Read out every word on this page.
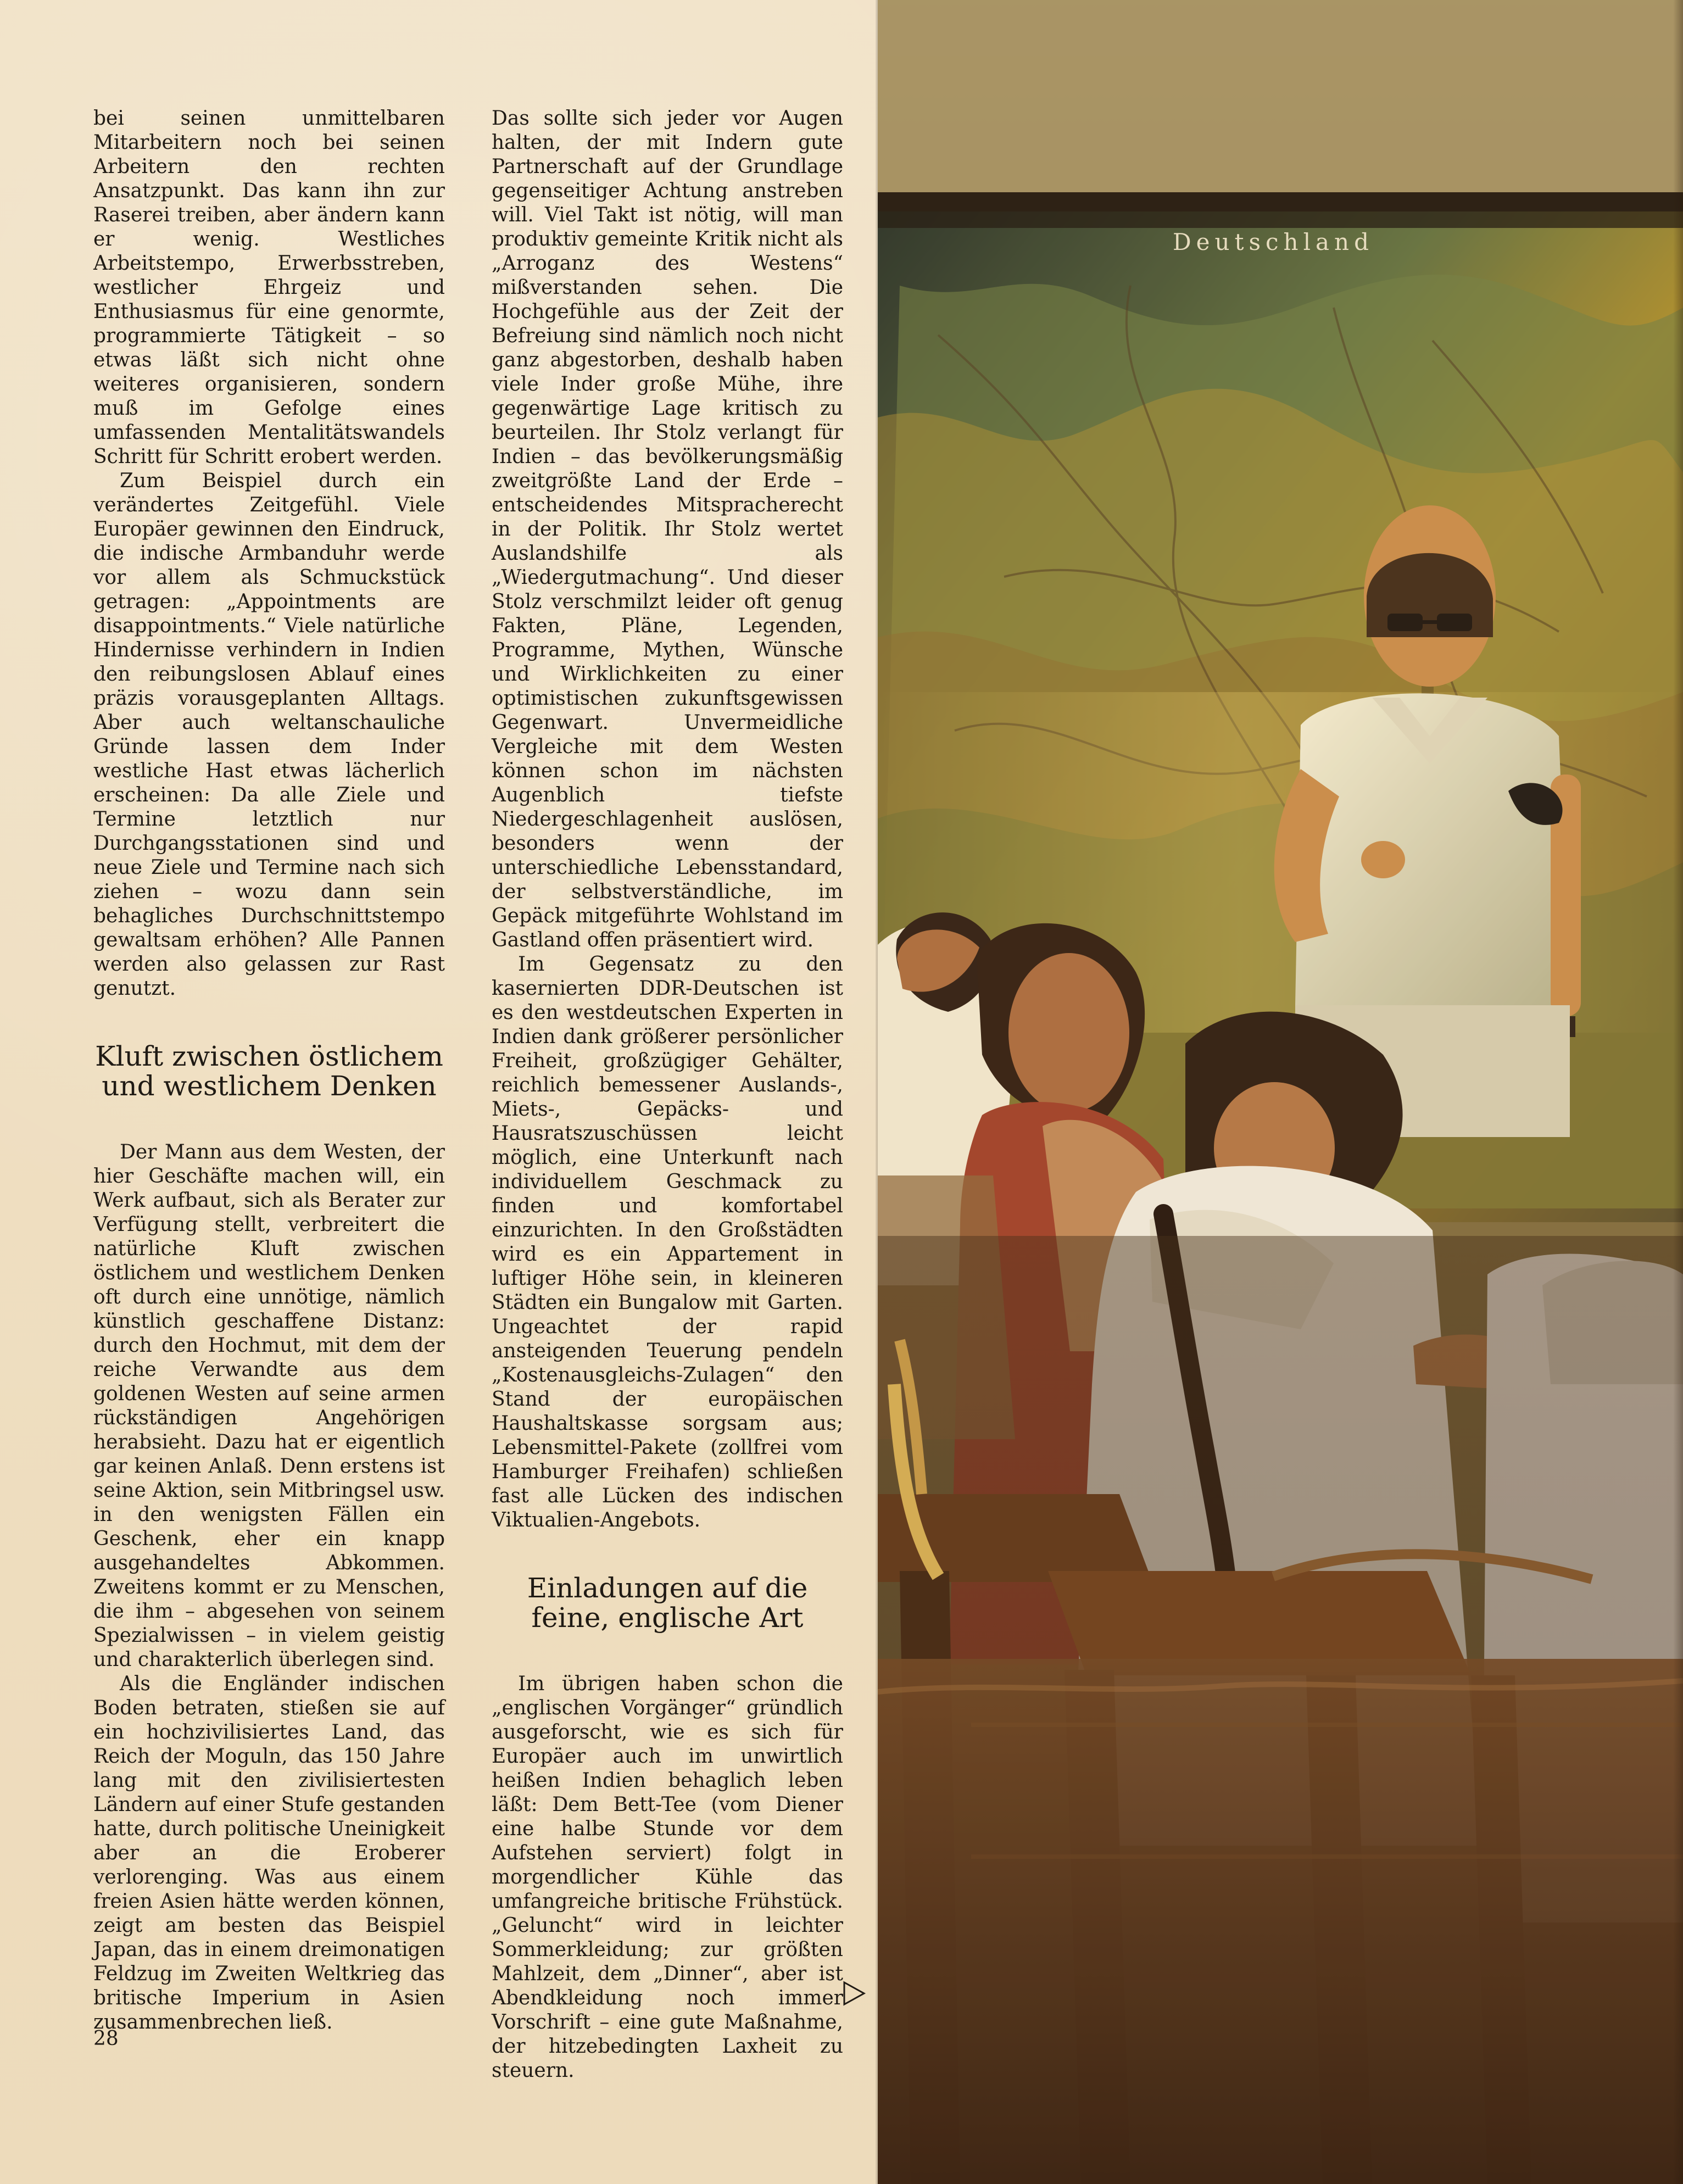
bei seinen unmittelbaren Mitarbeitern noch bei seinen Arbeitern den rechten Ansatzpunkt. Das kann ihn zur Raserei treiben, aber ändern kann er wenig. Westliches Arbeitstempo, Erwerbsstreben, westlicher Ehrgeiz und Enthusiasmus für eine genormte, programmierte Tätigkeit – so etwas läßt sich nicht ohne weiteres organisieren, sondern muß im Gefolge eines umfassenden Mentalitätswandels Schritt für Schritt erobert werden.

Zum Beispiel durch ein verändertes Zeitgefühl. Viele Europäer gewinnen den Eindruck, die indische Armbanduhr werde vor allem als Schmuckstück getragen: „Appointments are disappointments.“ Viele natürliche Hindernisse verhindern in Indien den reibungslosen Ablauf eines präzis vorausgeplanten Alltags. Aber auch weltanschauliche Gründe lassen dem Inder westliche Hast etwas lächerlich erscheinen: Da alle Ziele und Termine letztlich nur Durchgangsstationen sind und neue Ziele und Termine nach sich ziehen – wozu dann sein behagliches Durchschnittstempo gewaltsam erhöhen? Alle Pannen werden also gelassen zur Rast genutzt.

Kluft zwischen östlichem
und westlichem Denken

Der Mann aus dem Westen, der hier Geschäfte machen will, ein Werk aufbaut, sich als Berater zur Verfügung stellt, verbreitert die natürliche Kluft zwischen östlichem und westlichem Denken oft durch eine unnötige, nämlich künstlich geschaffene Distanz: durch den Hochmut, mit dem der reiche Verwandte aus dem goldenen Westen auf seine armen rückständigen Angehörigen herabsieht. Dazu hat er eigentlich gar keinen Anlaß. Denn erstens ist seine Aktion, sein Mitbringsel usw. in den wenigsten Fällen ein Geschenk, eher ein knapp ausgehandeltes Abkommen. Zweitens kommt er zu Menschen, die ihm – abgesehen von seinem Spezialwissen – in vielem geistig und charakterlich überlegen sind.

Als die Engländer indischen Boden betraten, stießen sie auf ein hochzivilisiertes Land, das Reich der Moguln, das 150 Jahre lang mit den zivilisiertesten Ländern auf einer Stufe gestanden hatte, durch politische Uneinigkeit aber an die Eroberer verlorenging. Was aus einem freien Asien hätte werden können, zeigt am besten das Beispiel Japan, das in einem dreimonatigen Feldzug im Zweiten Weltkrieg das britische Imperium in Asien zusammenbrechen ließ.

Das sollte sich jeder vor Augen halten, der mit Indern gute Partnerschaft auf der Grundlage gegenseitiger Achtung anstreben will. Viel Takt ist nötig, will man produktiv gemeinte Kritik nicht als „Arroganz des Westens“ mißverstanden sehen. Die Hochgefühle aus der Zeit der Befreiung sind nämlich noch nicht ganz abgestorben, deshalb haben viele Inder große Mühe, ihre gegenwärtige Lage kritisch zu beurteilen. Ihr Stolz verlangt für Indien – das bevölkerungsmäßig zweitgrößte Land der Erde – entscheidendes Mitspracherecht in der Politik. Ihr Stolz wertet Auslandshilfe als „Wiedergutmachung“. Und dieser Stolz verschmilzt leider oft genug Fakten, Pläne, Legenden, Programme, Mythen, Wünsche und Wirklichkeiten zu einer optimistischen zukunftsgewissen Gegenwart. Unvermeidliche Vergleiche mit dem Westen können schon im nächsten Augenblich tiefste Niedergeschlagenheit auslösen, besonders wenn der unterschiedliche Lebensstandard, der selbstverständliche, im Gepäck mitgeführte Wohlstand im Gastland offen präsentiert wird.

Im Gegensatz zu den kasernierten DDR-Deutschen ist es den westdeutschen Experten in Indien dank größerer persönlicher Freiheit, großzügiger Gehälter, reichlich bemessener Auslands-, Miets-, Gepäcks- und Hausratszuschüssen leicht möglich, eine Unterkunft nach individuellem Geschmack zu finden und komfortabel einzurichten. In den Großstädten wird es ein Appartement in luftiger Höhe sein, in kleineren Städten ein Bungalow mit Garten. Ungeachtet der rapid ansteigenden Teuerung pendeln „Kostenausgleichs-Zulagen“ den Stand der europäischen Haushaltskasse sorgsam aus; Lebensmittel-Pakete (zollfrei vom Hamburger Freihafen) schließen fast alle Lücken des indischen Viktualien-Angebots.

Einladungen auf die
feine, englische Art

Im übrigen haben schon die „englischen Vorgänger“ gründlich ausgeforscht, wie es sich für Europäer auch im unwirtlich heißen Indien behaglich leben läßt: Dem Bett-Tee (vom Diener eine halbe Stunde vor dem Aufstehen serviert) folgt in morgendlicher Kühle das umfangreiche britische Frühstück. „Geluncht“ wird in leichter Sommerkleidung; zur größten Mahlzeit, dem „Dinner“, aber ist Abendkleidung noch immer Vorschrift – eine gute Maßnahme, der hitzebedingten Laxheit zu steuern.

28
